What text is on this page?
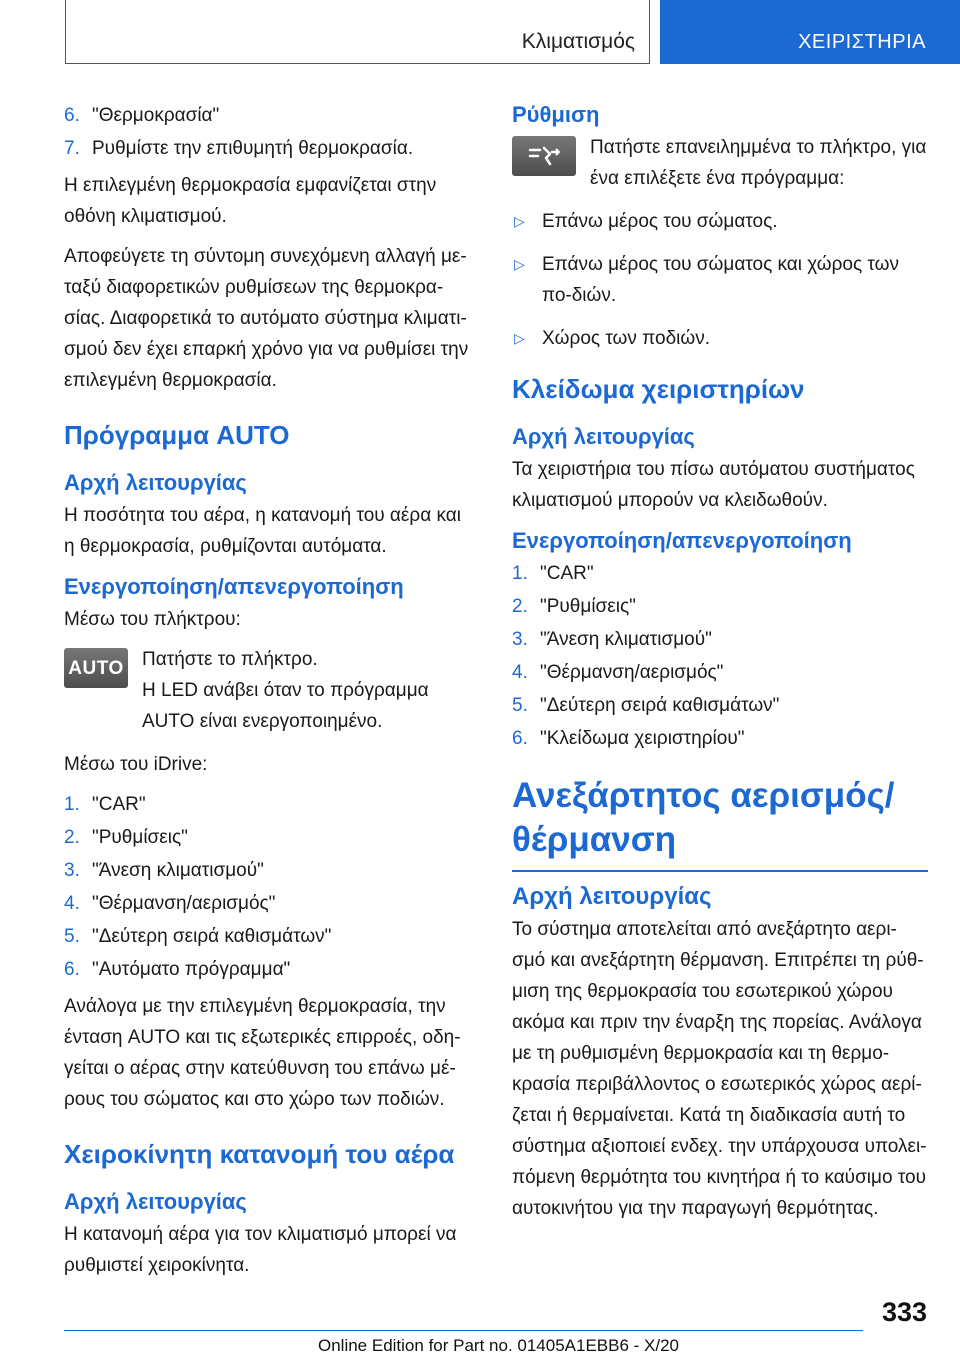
Κλιματισμός	ΧΕΙΡΙΣΤΗΡΙΑ
6. "Θερμοκρασία"
7. Ρυθμίστε την επιθυμητή θερμοκρασία.

Η επιλεγμένη θερμοκρασία εμφανίζεται στην οθόνη κλιματισμού.

Αποφεύγετε τη σύντομη συνεχόμενη αλλαγή με-ταξύ διαφορετικών ρυθμίσεων της θερμοκρα-σίας. Διαφορετικά το αυτόματο σύστημα κλιματι-σμού δεν έχει επαρκή χρόνο για να ρυθμίσει την επιλεγμένη θερμοκρασία.

Πρόγραμμα AUTO
Αρχή λειτουργίας

Η ποσότητα του αέρα, η κατανομή του αέρα και η θερμοκρασία, ρυθμίζονται αυτόματα.

Ενεργοποίηση/απενεργοποίηση

Μέσω του πλήκτρου:

AUTO Πατήστε το πλήκτρο.

Η LED ανάβει όταν το πρόγραμμα AUTO είναι ενεργοποιημένο.

Μέσω του iDrive:

1. "CAR"
2. "Ρυθμίσεις"
3. "Άνεση κλιματισμού"
4. "Θέρμανση/αερισμός"
5. "Δεύτερη σειρά καθισμάτων"
6. "Αυτόματο πρόγραμμα"

Ανάλογα με την επιλεγμένη θερμοκρασία, την ένταση AUTO και τις εξωτερικές επιρροές, οδη-γείται ο αέρας στην κατεύθυνση του επάνω μέ-ρους του σώματος και στο χώρο των ποδιών.

Χειροκίνητη κατανομή του αέρα
Αρχή λειτουργίας

Η κατανομή αέρα για τον κλιματισμό μπορεί να ρυθμιστεί χειροκίνητα.

Ρύθμιση

Πατήστε επανειλημμένα το πλήκτρο, για ένα επιλέξετε ένα πρόγραμμα:

▷ Επάνω μέρος του σώματος.
▷ Επάνω μέρος του σώματος και χώρος των πο-διών.
▷ Χώρος των ποδιών.
Κλείδωμα χειριστηρίων
Αρχή λειτουργίας

Τα χειριστήρια του πίσω αυτόματου συστήματος κλιματισμού μπορούν να κλειδωθούν.

Ενεργοποίηση/απενεργοποίηση
1. "CAR"
2. "Ρυθμίσεις"
3. "Άνεση κλιματισμού"
4. "Θέρμανση/αερισμός"
5. "Δεύτερη σειρά καθισμάτων"
6. "Κλείδωμα χειριστηρίου"
Ανεξάρτητος αερισμός/ θέρμανση
Αρχή λειτουργίας

Το σύστημα αποτελείται από ανεξάρτητο αερι-σμό και ανεξάρτητη θέρμανση. Επιτρέπει τη ρύθ-μιση της θερμοκρασία του εσωτερικού χώρου ακόμα και πριν την έναρξη της πορείας. Ανάλογα με τη ρυθμισμένη θερμοκρασία και τη θερμο-κρασία περιβάλλοντος ο εσωτερικός χώρος αερί-ζεται ή θερμαίνεται. Κατά τη διαδικασία αυτή το σύστημα αξιοποιεί ενδεχ. την υπάρχουσα υπολει-πόμενη θερμότητα του κινητήρα ή το καύσιμο του αυτοκινήτου για την παραγωγή θερμότητας.

333
Online Edition for Part no. 01405A1EBB6 - X/20
